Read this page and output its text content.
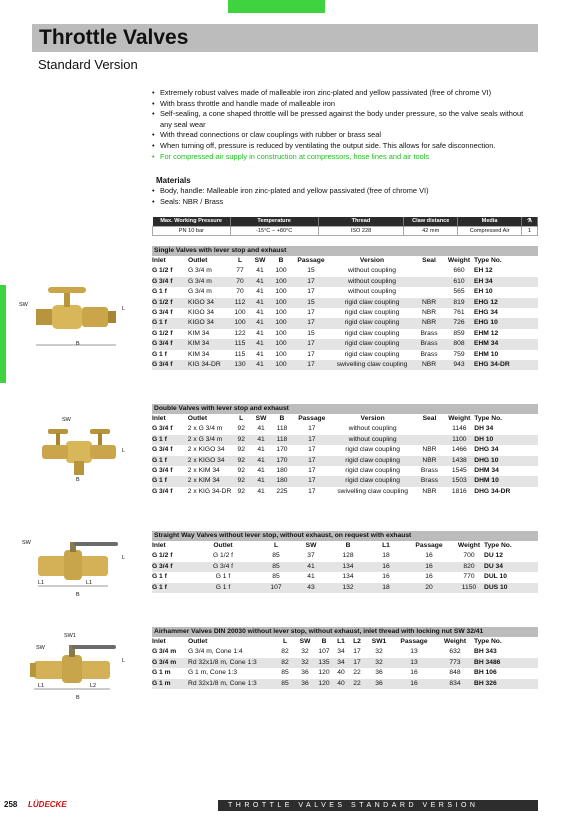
Throttle Valves
Standard Version
• Extremely robust valves made of malleable iron zinc-plated and yellow passivated (free of chrome VI)
• With brass throttle and handle made of malleable iron
• Self-sealing, a cone shaped throttle will be pressed against the body under pressure, so the valve seals without any seal wear
• With thread connections or claw couplings with rubber or brass seal
• When turning off, pressure is reduced by ventilating the output side. This allows for safe disconnection.
• For compressed air supply in construction at compressors, hose lines and air tools
Materials
• Body, handle: Malleable iron zinc-plated and yellow passivated (free of chrome VI)
• Seals: NBR / Brass
Max. Working Pressure	Temperature	Thread	Claw distance	Media	⚗
PN 10 bar	-15°C – +80°C	ISO 228	42 mm	Compressed Air	1
SW
L
B
SW
L
B
SW
L
L1	L1
B
SW1
SW
L
L1	L2
B
Single Valves with lever stop and exhaust									
Inlet	Outlet	L	SW	B	Passage	Version	Seal	Weight	Type No.
G 1/2 f	G 3/4 m	77	41	100	15	without coupling		660	EH 12
G 3/4 f	G 3/4 m	70	41	100	17	without coupling		610	EH 34
G 1 f	G 3/4 m	70	41	100	17	without coupling		565	EH 10
G 1/2 f	KIGO 34	112	41	100	15	rigid claw coupling	NBR	819	EHG 12
G 3/4 f	KIGO 34	100	41	100	17	rigid claw coupling	NBR	761	EHG 34
G 1 f	KIGO 34	100	41	100	17	rigid claw coupling	NBR	726	EHG 10
G 1/2 f	KIM 34	122	41	100	15	rigid claw coupling	Brass	859	EHM 12
G 3/4 f	KIM 34	115	41	100	17	rigid claw coupling	Brass	808	EHM 34
G 1 f	KIM 34	115	41	100	17	rigid claw coupling	Brass	759	EHM 10
G 3/4 f	KIG 34-DR	130	41	100	17	swivelling claw coupling	NBR	943	EHG 34-DR
Double Valves with lever stop and exhaust									
Inlet	Outlet	L	SW	B	Passage	Version	Seal	Weight	Type No.
G 3/4 f	2 x G 3/4 m	92	41	118	17	without coupling		1146	DH 34
G 1 f	2 x G 3/4 m	92	41	118	17	without coupling		1100	DH 10
G 3/4 f	2 x KIGO 34	92	41	170	17	rigid claw coupling	NBR	1466	DHG 34
G 1 f	2 x KIGO 34	92	41	170	17	rigid claw coupling	NBR	1438	DHG 10
G 3/4 f	2 x KIM 34	92	41	180	17	rigid claw coupling	Brass	1545	DHM 34
G 1 f	2 x KIM 34	92	41	180	17	rigid claw coupling	Brass	1503	DHM 10
G 3/4 f	2 x KIG 34-DR	92	41	225	17	swivelling claw coupling	NBR	1816	DHG 34-DR
Straight Way Valves without lever stop, without exhaust, on request with exhaust								
Inlet	Outlet	L	SW	B	L1	Passage	Weight	Type No.
G 1/2 f	G 1/2 f	85	37	128	18	16	700	DU 12
G 3/4 f	G 3/4 f	85	41	134	16	16	820	DU 34
G 1 f	G 1 f	85	41	134	16	16	770	DUL 10
G 1 f	G 1 f	107	43	132	18	20	1150	DUS 10
Airhammer Valves DIN 20030 without lever stop, without exhaust, inlet thread with locking nut SW 32/41										
Inlet	Outlet	L	SW	B	L1	L2	SW1	Passage	Weight	Type No.
G 3/4 m	G 3/4 m, Cone 1:4	82	32	107	34	17	32	13	632	BH 343
G 3/4 m	Rd 32x1/8 m, Cone 1:3	82	32	135	34	17	32	13	773	BH 3486
G 1 m	G 1 m, Cone 1:3	85	36	120	40	22	36	16	848	BH 106
G 1 m	Rd 32x1/8 m, Cone 1:3	85	36	120	40	22	36	16	834	BH 326
258 LÜDECKE	THROTTLE VALVES STANDARD VERSION
